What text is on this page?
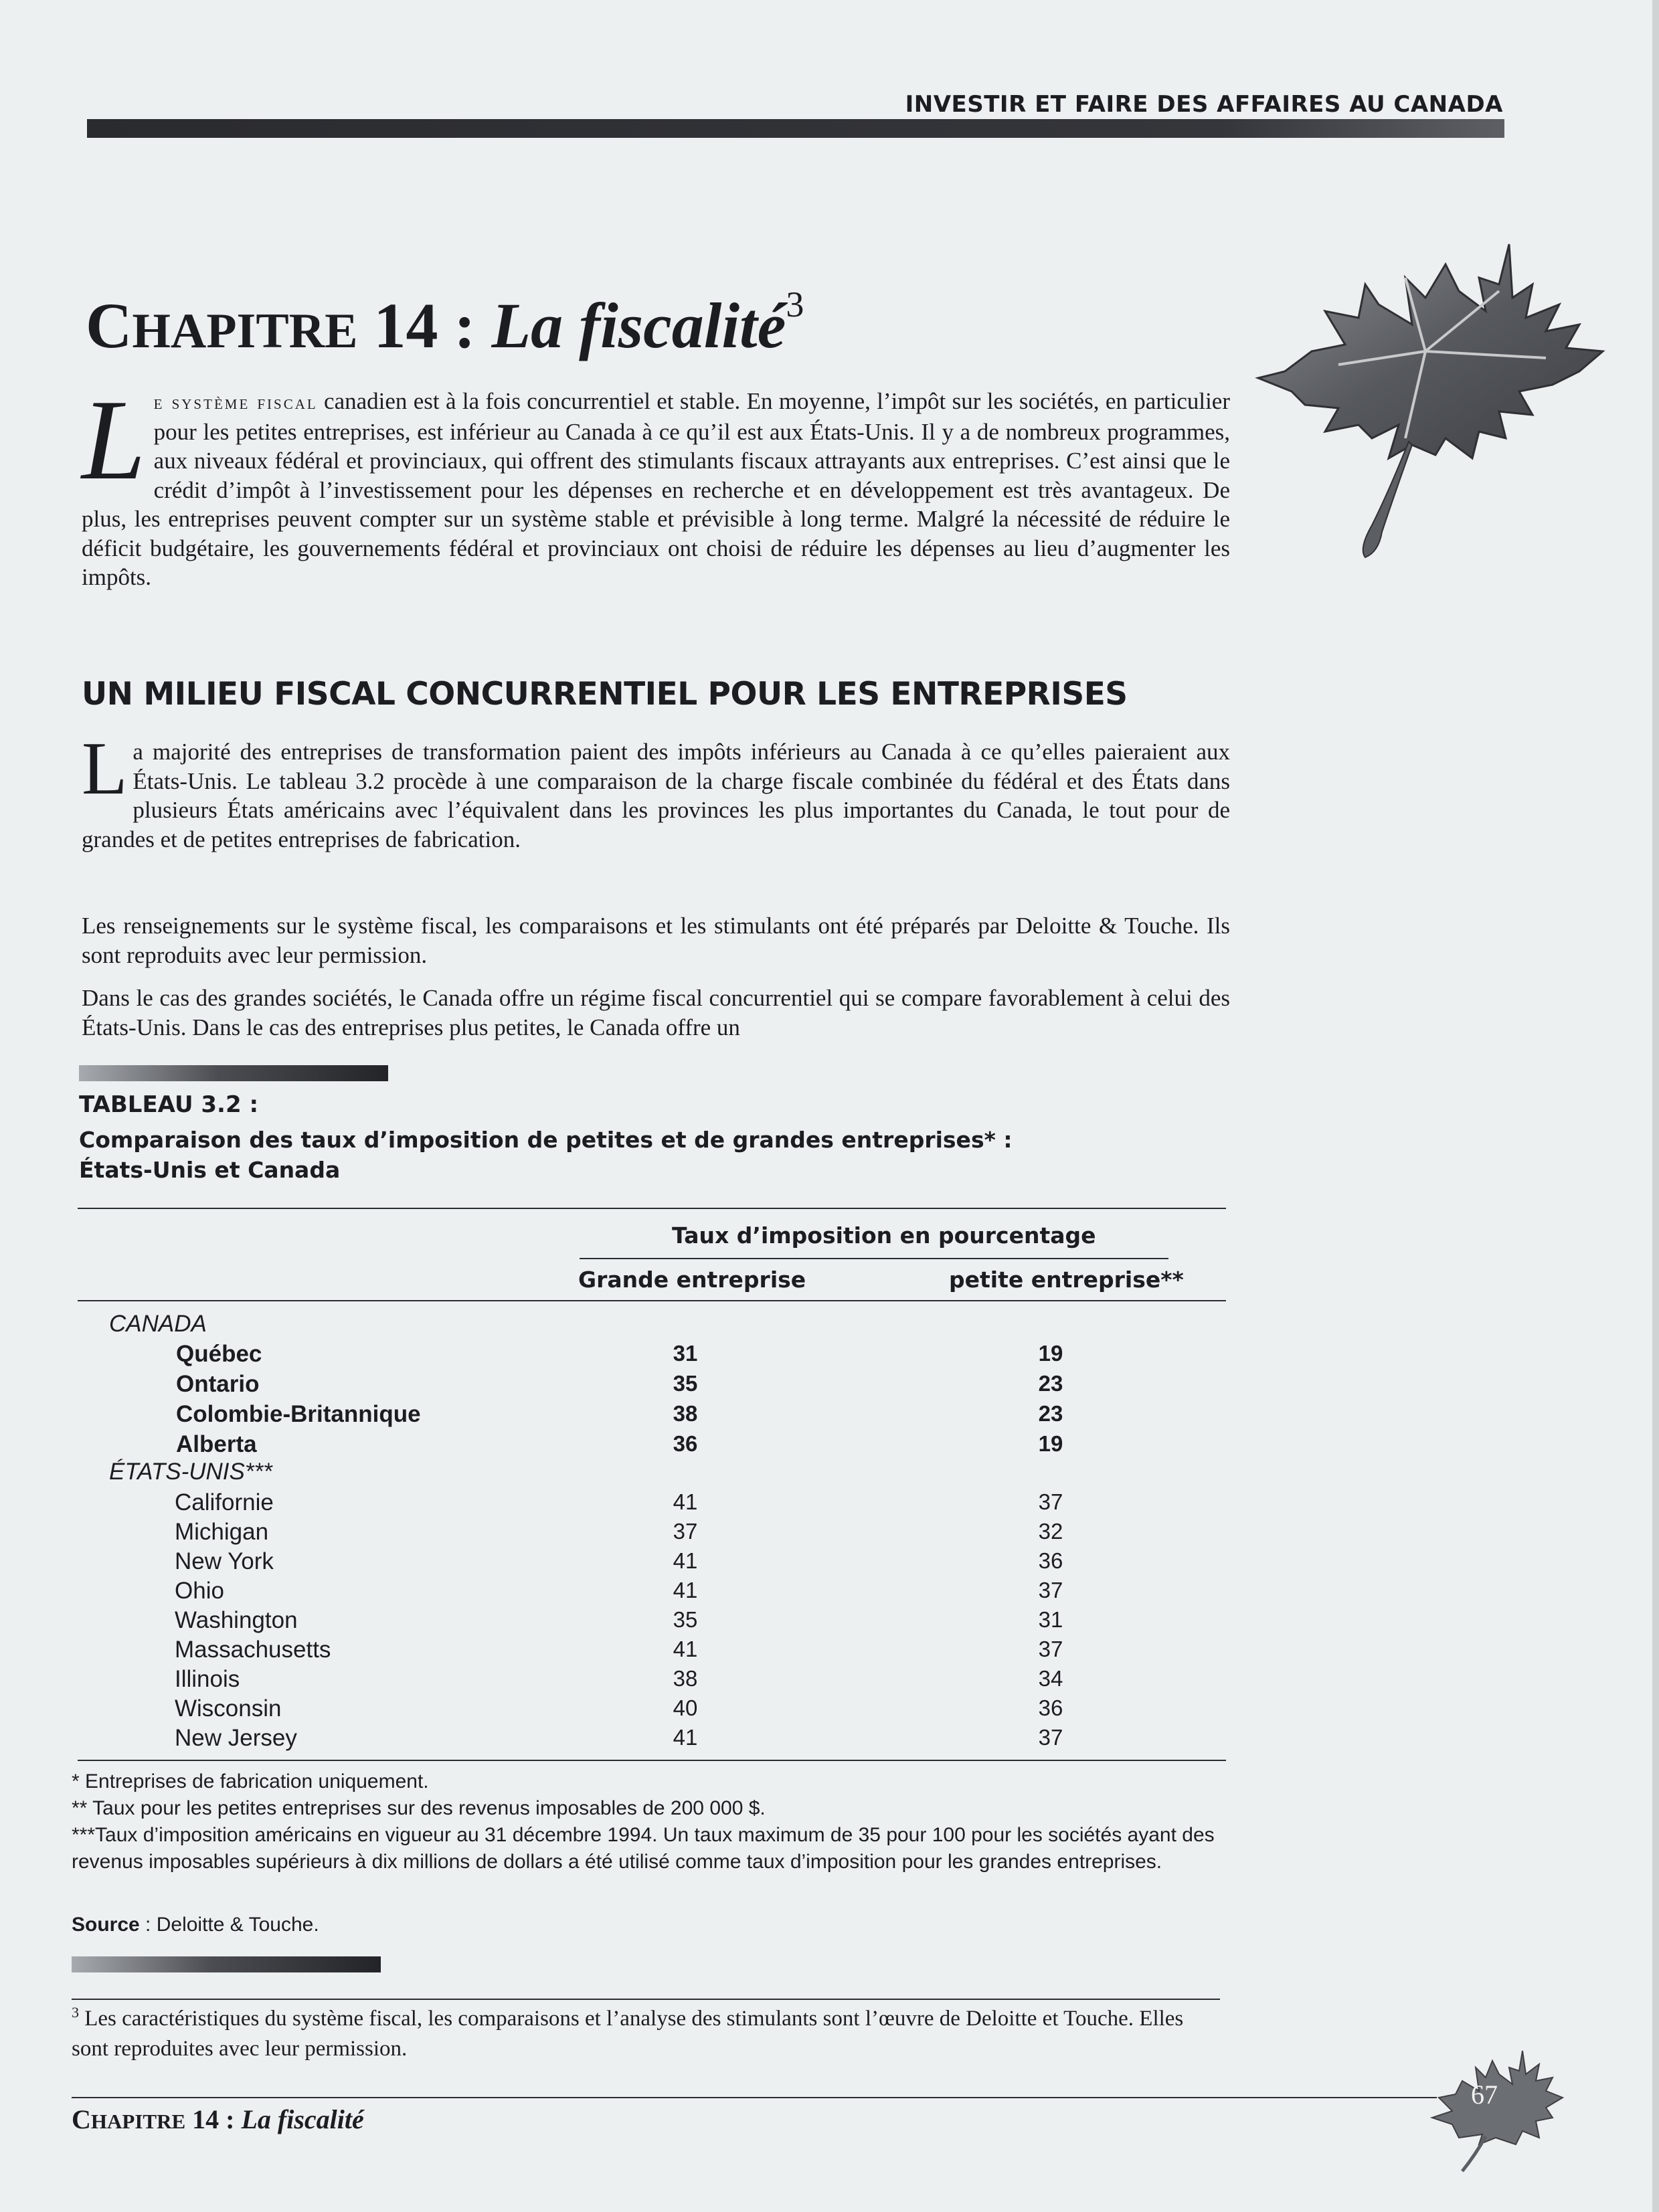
INVESTIR ET FAIRE DES AFFAIRES AU CANADA
CHAPITRE 14 : La fiscalité$^3$

Le système fiscal canadien est à la fois concurrentiel et stable. En moyenne, l’impôt sur les sociétés, en particulier pour les petites entreprises, est inférieur au Canada à ce qu’il est aux États-Unis. Il y a de nombreux programmes, aux niveaux fédéral et provinciaux, qui offrent des stimulants fiscaux attrayants aux entreprises. C’est ainsi que le crédit d’impôt à l’investissement pour les dépenses en recherche et en développement est très avantageux. De plus, les entreprises peuvent compter sur un système stable et prévisible à long terme. Malgré la nécessité de réduire le déficit budgétaire, les gouvernements fédéral et provinciaux ont choisi de réduire les dépenses au lieu d’augmenter les impôts.

UN MILIEU FISCAL CONCURRENTIEL POUR LES ENTREPRISES

La majorité des entreprises de transformation paient des impôts inférieurs au Canada à ce qu’elles paieraient aux États-Unis. Le tableau 3.2 procède à une comparaison de la charge fiscale combinée du fédéral et des États dans plusieurs États américains avec l’équivalent dans les provinces les plus importantes du Canada, le tout pour de grandes et de petites entreprises de fabrication.

Les renseignements sur le système fiscal, les comparaisons et les stimulants ont été préparés par Deloitte & Touche. Ils sont reproduits avec leur permission.

Dans le cas des grandes sociétés, le Canada offre un régime fiscal concurrentiel qui se compare favorablement à celui des États-Unis. Dans le cas des entreprises plus petites, le Canada offre un

TABLEAU 3.2 :
Comparaison des taux d’imposition de petites et de grandes entreprises* :
États-Unis et Canada
Taux d’imposition en pourcentage
Grande entreprise	petite entreprise**
CANADA
Québec	31	19
Ontario	35	23
Colombie-Britannique	38	23
Alberta	36	19
ÉTATS-UNIS***
Californie	41	37
Michigan	37	32
New York	41	36
Ohio	41	37
Washington	35	31
Massachusetts	41	37
Illinois	38	34
Wisconsin	40	36
New Jersey	41	37

* Entreprises de fabrication uniquement.

** Taux pour les petites entreprises sur des revenus imposables de 200 000 $.

***Taux d’imposition américains en vigueur au 31 décembre 1994. Un taux maximum de 35 pour 100 pour les sociétés ayant des revenus imposables supérieurs à dix millions de dollars a été utilisé comme taux d’imposition pour les grandes entreprises.

Source : Deloitte & Touche.

$^3$ Les caractéristiques du système fiscal, les comparaisons et l’analyse des stimulants sont l’œuvre de Deloitte et Touche. Elles sont reproduites avec leur permission.

CHAPITRE 14 : La fiscalité
67
